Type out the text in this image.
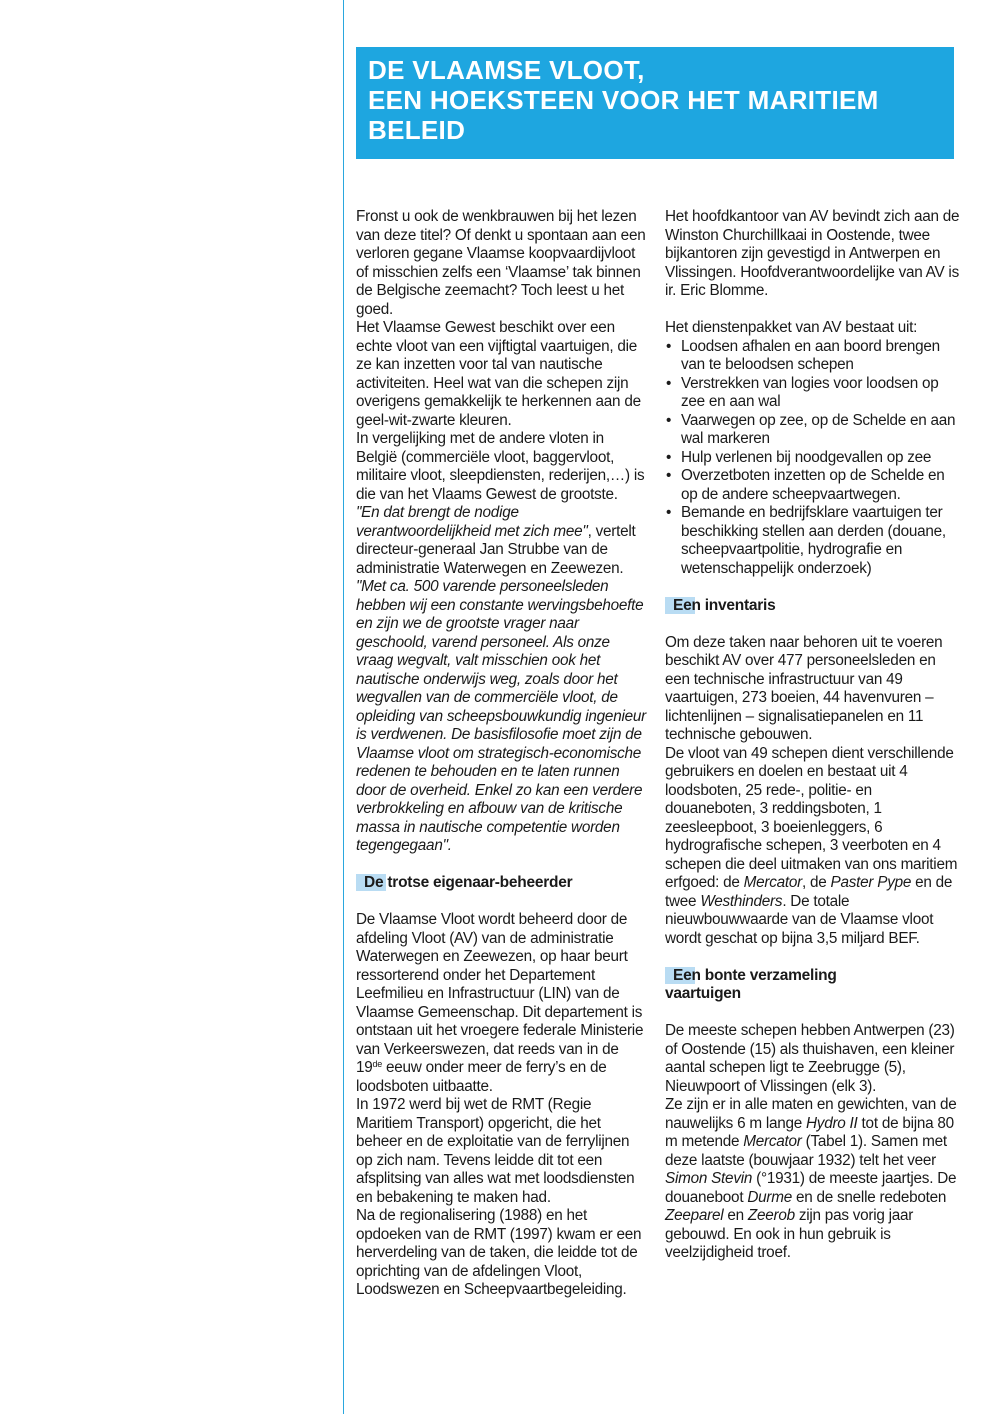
DE VLAAMSE VLOOT,
EEN HOEKSTEEN VOOR HET MARITIEM
BELEID

Fronst u ook de wenkbrauwen bij het lezen van deze titel? Of denkt u spontaan aan een verloren gegane Vlaamse koopvaardijvloot of misschien zelfs een ‘Vlaamse’ tak binnen de Belgische zeemacht? Toch leest u het goed.

Het Vlaamse Gewest beschikt over een echte vloot van een vijftigtal vaartuigen, die ze kan inzetten voor tal van nautische activiteiten. Heel wat van die schepen zijn overigens gemakkelijk te herkennen aan de geel-wit-zwarte kleuren.

In vergelijking met de andere vloten in België (commerciële vloot, baggervloot, militaire vloot, sleepdiensten, rederijen,…) is die van het Vlaams Gewest de grootste.

"En dat brengt de nodige verantwoordelijkheid met zich mee", vertelt directeur-generaal Jan Strubbe van de administratie Waterwegen en Zeewezen.

"Met ca. 500 varende personeelsleden hebben wij een constante wervingsbehoefte en zijn we de grootste vrager naar geschoold, varend personeel. Als onze vraag wegvalt, valt misschien ook het nautische onderwijs weg, zoals door het wegvallen van de commerciële vloot, de opleiding van scheepsbouwkundig ingenieur is verdwenen. De basisfilosofie moet zijn de Vlaamse vloot om strategisch-economische redenen te behouden en te laten runnen door de overheid. Enkel zo kan een verdere verbrokkeling en afbouw van de kritische massa in nautische competentie worden tegengegaan".

De trotse eigenaar-beheerder

De Vlaamse Vloot wordt beheerd door de afdeling Vloot (AV) van de administratie Waterwegen en Zeewezen, op haar beurt ressorterend onder het Departement Leefmilieu en Infrastructuur (LIN) van de Vlaamse Gemeenschap. Dit departement is ontstaan uit het vroegere federale Ministerie van Verkeerswezen, dat reeds van in de 19de eeuw onder meer de ferry’s en de loodsboten uitbaatte.

In 1972 werd bij wet de RMT (Regie Maritiem Transport) opgericht, die het beheer en de exploitatie van de ferrylijnen op zich nam. Tevens leidde dit tot een afsplitsing van alles wat met loodsdiensten en bebakening te maken had.

Na de regionalisering (1988) en het opdoeken van de RMT (1997) kwam er een herverdeling van de taken, die leidde tot de oprichting van de afdelingen Vloot, Loodswezen en Scheepvaartbegeleiding.

Het hoofdkantoor van AV bevindt zich aan de Winston Churchillkaai in Oostende, twee bijkantoren zijn gevestigd in Antwerpen en Vlissingen. Hoofdverantwoordelijke van AV is ir. Eric Blomme.

Het dienstenpakket van AV bestaat uit:

• Loodsen afhalen en aan boord brengen van te beloodsen schepen
• Verstrekken van logies voor loodsen op zee en aan wal
• Vaarwegen op zee, op de Schelde en aan wal markeren
• Hulp verlenen bij noodgevallen op zee
• Overzetboten inzetten op de Schelde en op de andere scheepvaartwegen.
• Bemande en bedrijfsklare vaartuigen ter beschikking stellen aan derden (douane, scheepvaartpolitie, hydrografie en wetenschappelijk onderzoek)

Een inventaris

Om deze taken naar behoren uit te voeren beschikt AV over 477 personeelsleden en een technische infrastructuur van 49 vaartuigen, 273 boeien, 44 havenvuren – lichtenlijnen – signalisatiepanelen en 11 technische gebouwen.

De vloot van 49 schepen dient verschillende gebruikers en doelen en bestaat uit 4 loodsboten, 25 rede-, politie- en douaneboten, 3 reddingsboten, 1 zeesleepboot, 3 boeienleggers, 6 hydrografische schepen, 3 veerboten en 4 schepen die deel uitmaken van ons maritiem erfgoed: de Mercator, de Paster Pype en de twee Westhinders. De totale nieuwbouwwaarde van de Vlaamse vloot wordt geschat op bijna 3,5 miljard BEF.

Een bonte verzameling
vaartuigen

De meeste schepen hebben Antwerpen (23) of Oostende (15) als thuishaven, een kleiner aantal schepen ligt te Zeebrugge (5), Nieuwpoort of Vlissingen (elk 3).

Ze zijn er in alle maten en gewichten, van de nauwelijks 6 m lange Hydro II tot de bijna 80 m metende Mercator (Tabel 1). Samen met deze laatste (bouwjaar 1932) telt het veer Simon Stevin (°1931) de meeste jaartjes. De douaneboot Durme en de snelle redeboten Zeeparel en Zeerob zijn pas vorig jaar gebouwd. En ook in hun gebruik is veelzijdigheid troef.
